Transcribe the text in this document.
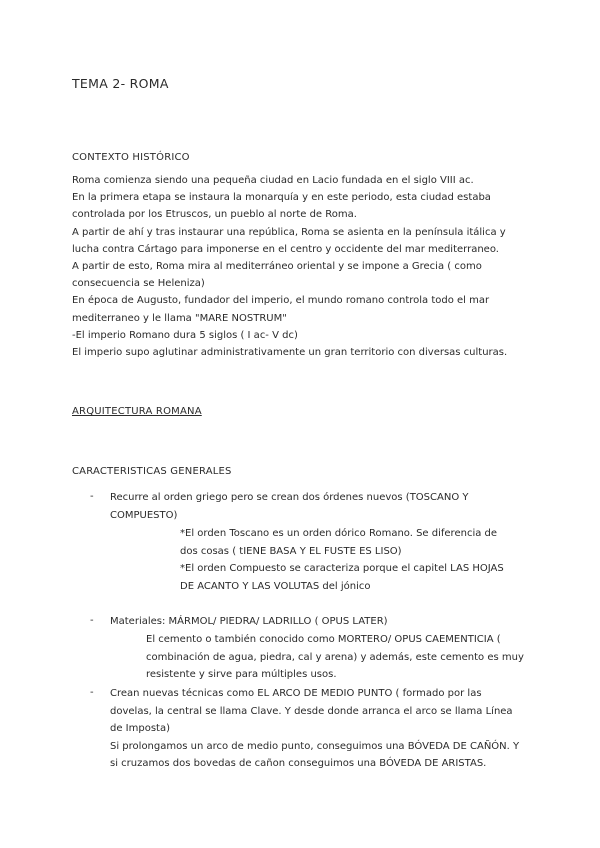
TEMA 2- ROMA
CONTEXTO HISTÓRICO
Roma comienza siendo una pequeña ciudad en Lacio fundada en el siglo VIII ac.
En la primera etapa se instaura la monarquía y en este periodo, esta ciudad estaba
controlada por los Etruscos, un pueblo al norte de Roma.
A partir de ahí y tras instaurar una república, Roma se asienta en la península itálica y
lucha contra Cártago para imponerse en el centro y occidente del mar mediterraneo.
A partir de esto, Roma mira al mediterráneo oriental y se impone a Grecia ( como
consecuencia se Heleniza)
En época de Augusto, fundador del imperio, el mundo romano controla todo el mar
mediterraneo y le llama "MARE NOSTRUM"
-El imperio Romano dura 5 siglos ( I ac- V dc)
El imperio supo aglutinar administrativamente un gran territorio con diversas culturas.
ARQUITECTURA ROMANA
CARACTERISTICAS GENERALES
- Recurre al orden griego pero se crean dos órdenes nuevos (TOSCANO Y
COMPUESTO)
*El orden Toscano es un orden dórico Romano. Se diferencia de
dos cosas ( tIENE BASA Y EL FUSTE ES LISO)
*El orden Compuesto se caracteriza porque el capitel LAS HOJAS
DE ACANTO Y LAS VOLUTAS del jónico
- Materiales: MÁRMOL/ PIEDRA/ LADRILLO ( OPUS LATER)
El cemento o también conocido como MORTERO/ OPUS CAEMENTICIA (
combinación de agua, piedra, cal y arena) y además, este cemento es muy
resistente y sirve para múltiples usos.
- Crean nuevas técnicas como EL ARCO DE MEDIO PUNTO ( formado por las
dovelas, la central se llama Clave. Y desde donde arranca el arco se llama Línea
de Imposta)
Si prolongamos un arco de medio punto, conseguimos una BÓVEDA DE CAÑÓN. Y
si cruzamos dos bovedas de cañon conseguimos una BÓVEDA DE ARISTAS.
